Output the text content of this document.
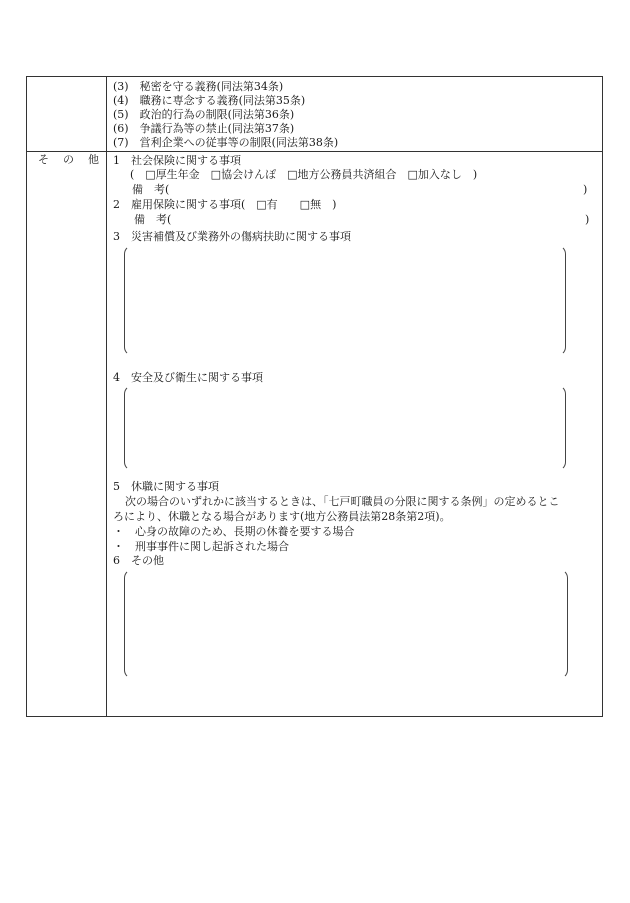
(3)　秘密を守る義務(同法第34条)
(4)　職務に専念する義務(同法第35条)
(5)　政治的行為の制限(同法第36条)
(6)　争議行為等の禁止(同法第37条)
(7)　営利企業への従事等の制限(同法第38条)
その他 1　社会保険に関する事項
(　□厚生年金　□協会けんぽ　□地方公務員共済組合　□加入なし　)
備　考(	)
2　雇用保険に関する事項(　□有　　□無　)
備　考(	)
3　災害補償及び業務外の傷病扶助に関する事項
4　安全及び衛生に関する事項
5　休職に関する事項
次の場合のいずれかに該当するときは、「七戸町職員の分限に関する条例」の定めるとこ
ろにより、休職となる場合があります(地方公務員法第28条第2項)。
・　心身の故障のため、長期の休養を要する場合
・　刑事事件に関し起訴された場合
6　その他
